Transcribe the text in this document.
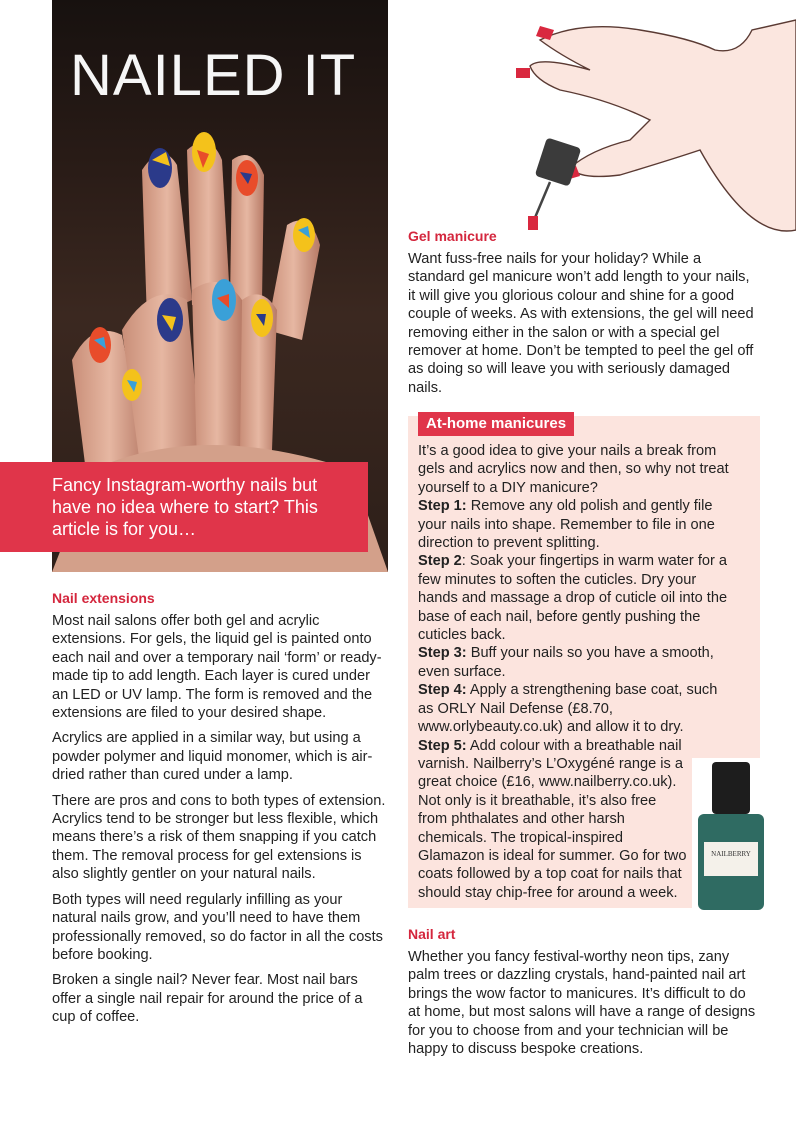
NAILED IT
Fancy Instagram-worthy nails but have no idea where to start? This article is for you…
Nail extensions

Most nail salons offer both gel and acrylic extensions. For gels, the liquid gel is painted onto each nail and over a temporary nail ‘form’ or ready-made tip to add length. Each layer is cured under an LED or UV lamp. The form is removed and the extensions are filed to your desired shape.

Acrylics are applied in a similar way, but using a powder polymer and liquid monomer, which is air-dried rather than cured under a lamp.

There are pros and cons to both types of extension. Acrylics tend to be stronger but less flexible, which means there’s a risk of them snapping if you catch them. The removal process for gel extensions is also slightly gentler on your natural nails.

Both types will need regularly infilling as your natural nails grow, and you’ll need to have them professionally removed, so do factor in all the costs before booking.

Broken a single nail? Never fear. Most nail bars offer a single nail repair for around the price of a cup of coffee.

Gel manicure

Want fuss-free nails for your holiday? While a standard gel manicure won’t add length to your nails, it will give you glorious colour and shine for a good couple of weeks. As with extensions, the gel will need removing either in the salon or with a special gel remover at home. Don’t be tempted to peel the gel off as doing so will leave you with seriously damaged nails.

At-home manicures

It’s a good idea to give your nails a break from gels and acrylics now and then, so why not treat yourself to a DIY manicure?

Step 1: Remove any old polish and gently file your nails into shape. Remember to file in one direction to prevent splitting.

Step 2: Soak your fingertips in warm water for a few minutes to soften the cuticles. Dry your hands and massage a drop of cuticle oil into the base of each nail, before gently pushing the cuticles back.

Step 3: Buff your nails so you have a smooth, even surface.

Step 4: Apply a strengthening base coat, such as ORLY Nail Defense (£8.70, www.orlybeauty.co.uk) and allow it to dry.

Step 5: Add colour with a breathable nail varnish. Nailberry’s L’Oxygéné range is a great choice (£16, www.nailberry.co.uk). Not only is it breathable, it’s also free from phthalates and other harsh chemicals. The tropical-inspired Glamazon is ideal for summer. Go for two coats followed by a top coat for nails that should stay chip-free for around a week.

NAILBERRY
Nail art

Whether you fancy festival-worthy neon tips, zany palm trees or dazzling crystals, hand-painted nail art brings the wow factor to manicures. It’s difficult to do at home, but most salons will have a range of designs for you to choose from and your technician will be happy to discuss bespoke creations.
